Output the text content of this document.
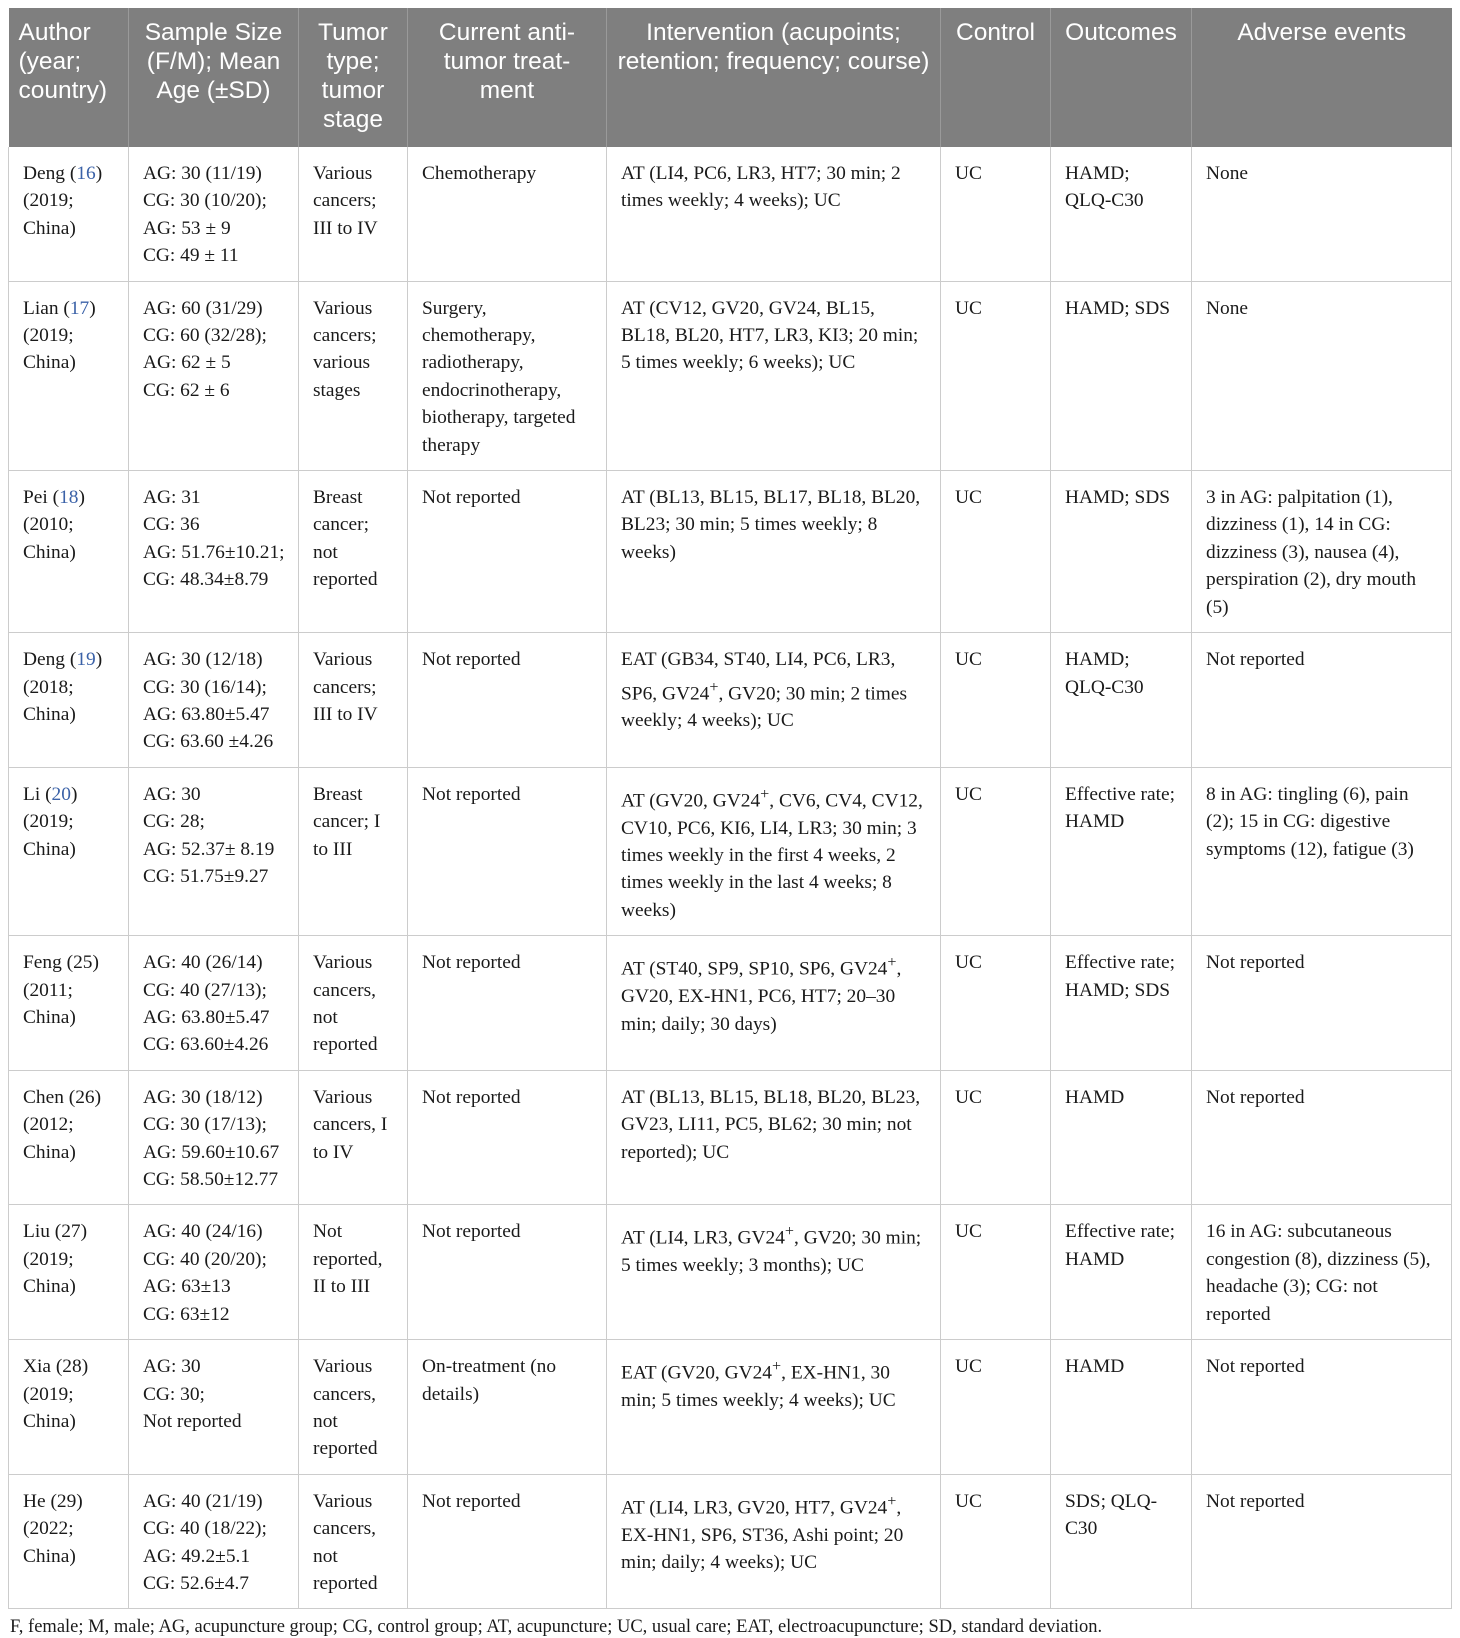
Author (year; country)	Sample Size (F/M); Mean Age (±SD)	Tumor type; tumor stage	Current anti-tumor treat-ment	Intervention (acupoints; retention; frequency; course)	Control	Outcomes	Adverse events
Deng (16) (2019; China)	AG: 30 (11/19)
CG: 30 (10/20);
AG: 53 ± 9
CG: 49 ± 11	Various cancers; III to IV	Chemotherapy	AT (LI4, PC6, LR3, HT7; 30 min; 2 times weekly; 4 weeks); UC	UC	HAMD; QLQ-C30	None
Lian (17) (2019; China)	AG: 60 (31/29)
CG: 60 (32/28);
AG: 62 ± 5
CG: 62 ± 6	Various cancers; various stages	Surgery, chemotherapy, radiotherapy, endocrinotherapy, biotherapy, targeted therapy	AT (CV12, GV20, GV24, BL15, BL18, BL20, HT7, LR3, KI3; 20 min; 5 times weekly; 6 weeks); UC	UC	HAMD; SDS	None
Pei (18) (2010; China)	AG: 31
CG: 36
AG: 51.76±10.21;
CG: 48.34±8.79	Breast cancer; not reported	Not reported	AT (BL13, BL15, BL17, BL18, BL20, BL23; 30 min; 5 times weekly; 8 weeks)	UC	HAMD; SDS	3 in AG: palpitation (1), dizziness (1), 14 in CG: dizziness (3), nausea (4), perspiration (2), dry mouth (5)
Deng (19) (2018; China)	AG: 30 (12/18)
CG: 30 (16/14);
AG: 63.80±5.47
CG: 63.60 ±4.26	Various cancers; III to IV	Not reported	EAT (GB34, ST40, LI4, PC6, LR3, SP6, GV24+, GV20; 30 min; 2 times weekly; 4 weeks); UC	UC	HAMD; QLQ-C30	Not reported
Li (20) (2019; China)	AG: 30
CG: 28;
AG: 52.37± 8.19
CG: 51.75±9.27	Breast cancer; I to III	Not reported	AT (GV20, GV24+, CV6, CV4, CV12, CV10, PC6, KI6, LI4, LR3; 30 min; 3 times weekly in the first 4 weeks, 2 times weekly in the last 4 weeks; 8 weeks)	UC	Effective rate; HAMD	8 in AG: tingling (6), pain (2); 15 in CG: digestive symptoms (12), fatigue (3)
Feng (25) (2011; China)	AG: 40 (26/14)
CG: 40 (27/13);
AG: 63.80±5.47
CG: 63.60±4.26	Various cancers, not reported	Not reported	AT (ST40, SP9, SP10, SP6, GV24+, GV20, EX-HN1, PC6, HT7; 20–30 min; daily; 30 days)	UC	Effective rate; HAMD; SDS	Not reported
Chen (26) (2012; China)	AG: 30 (18/12)
CG: 30 (17/13);
AG: 59.60±10.67
CG: 58.50±12.77	Various cancers, I to IV	Not reported	AT (BL13, BL15, BL18, BL20, BL23, GV23, LI11, PC5, BL62; 30 min; not reported); UC	UC	HAMD	Not reported
Liu (27) (2019; China)	AG: 40 (24/16)
CG: 40 (20/20);
AG: 63±13
CG: 63±12	Not reported, II to III	Not reported	AT (LI4, LR3, GV24+, GV20; 30 min; 5 times weekly; 3 months); UC	UC	Effective rate; HAMD	16 in AG: subcutaneous congestion (8), dizziness (5), headache (3); CG: not reported
Xia (28) (2019; China)	AG: 30
CG: 30;
Not reported	Various cancers, not reported	On-treatment (no details)	EAT (GV20, GV24+, EX-HN1, 30 min; 5 times weekly; 4 weeks); UC	UC	HAMD	Not reported
He (29) (2022; China)	AG: 40 (21/19)
CG: 40 (18/22);
AG: 49.2±5.1
CG: 52.6±4.7	Various cancers, not reported	Not reported	AT (LI4, LR3, GV20, HT7, GV24+, EX-HN1, SP6, ST36, Ashi point; 20 min; daily; 4 weeks); UC	UC	SDS; QLQ-C30	Not reported
F, female; M, male; AG, acupuncture group; CG, control group; AT, acupuncture; UC, usual care; EAT, electroacupuncture; SD, standard deviation.
